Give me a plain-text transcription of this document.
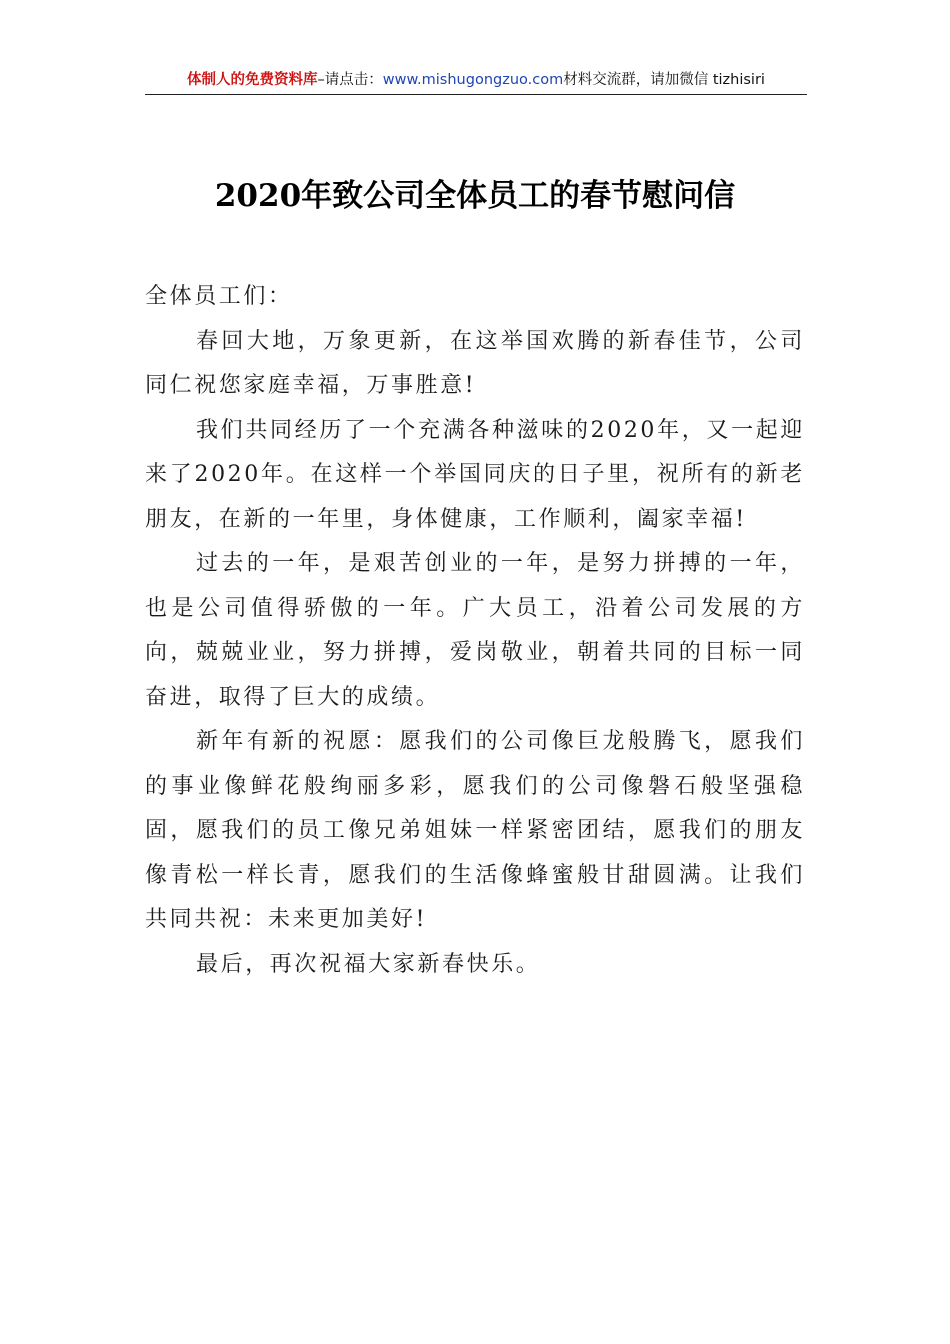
体制人的免费资料库–请点击：www.mishugongzuo.com材料交流群，请加微信 tizhisiri
2020年致公司全体员工的春节慰问信

全体员工们：

春回大地，万象更新，在这举国欢腾的新春佳节，公司同仁祝您家庭幸福，万事胜意!

我们共同经历了一个充满各种滋味的2020年，又一起迎来了2020年。在这样一个举国同庆的日子里，祝所有的新老朋友，在新的一年里，身体健康，工作顺利，阖家幸福!

过去的一年，是艰苦创业的一年，是努力拼搏的一年，也是公司值得骄傲的一年。广大员工，沿着公司发展的方向，兢兢业业，努力拼搏，爱岗敬业，朝着共同的目标一同奋进，取得了巨大的成绩。

新年有新的祝愿：愿我们的公司像巨龙般腾飞，愿我们的事业像鲜花般绚丽多彩，愿我们的公司像磐石般坚强稳固，愿我们的员工像兄弟姐妹一样紧密团结，愿我们的朋友像青松一样长青，愿我们的生活像蜂蜜般甘甜圆满。让我们共同共祝：未来更加美好!

最后，再次祝福大家新春快乐。
